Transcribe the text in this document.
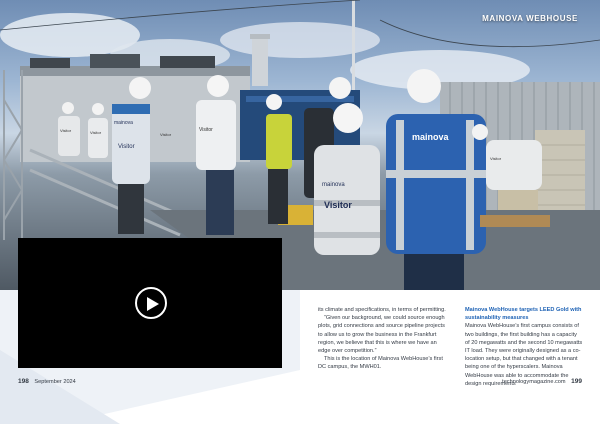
mainova
Visitor
mainova
Visitor
Visitor
Visitor	Visitor	Visitor	mainova
Visitor
MAINOVA WEBHOUSE

its climate and specifications, in terms of permitting.

“Given our background, we could source enough plots, grid connections and source pipeline projects to allow us to grow the business in the Frankfurt region, we believe that this is where we have an edge over competition.”

This is the location of Mainova WebHouse’s first DC campus, the MWH01.

Mainova WebHouse targets LEED Gold with sustainability measures

Mainova WebHouse’s first campus consists of two buildings, the first building has a capacity of 20 megawatts and the second 10 megawatts IT load. They were originally designed as a co-location setup, but that changed with a tenant being one of the hyperscalers. Mainova WebHouse was able to accommodate the design requirements

198 September 2024	technologymagazine.com 199
